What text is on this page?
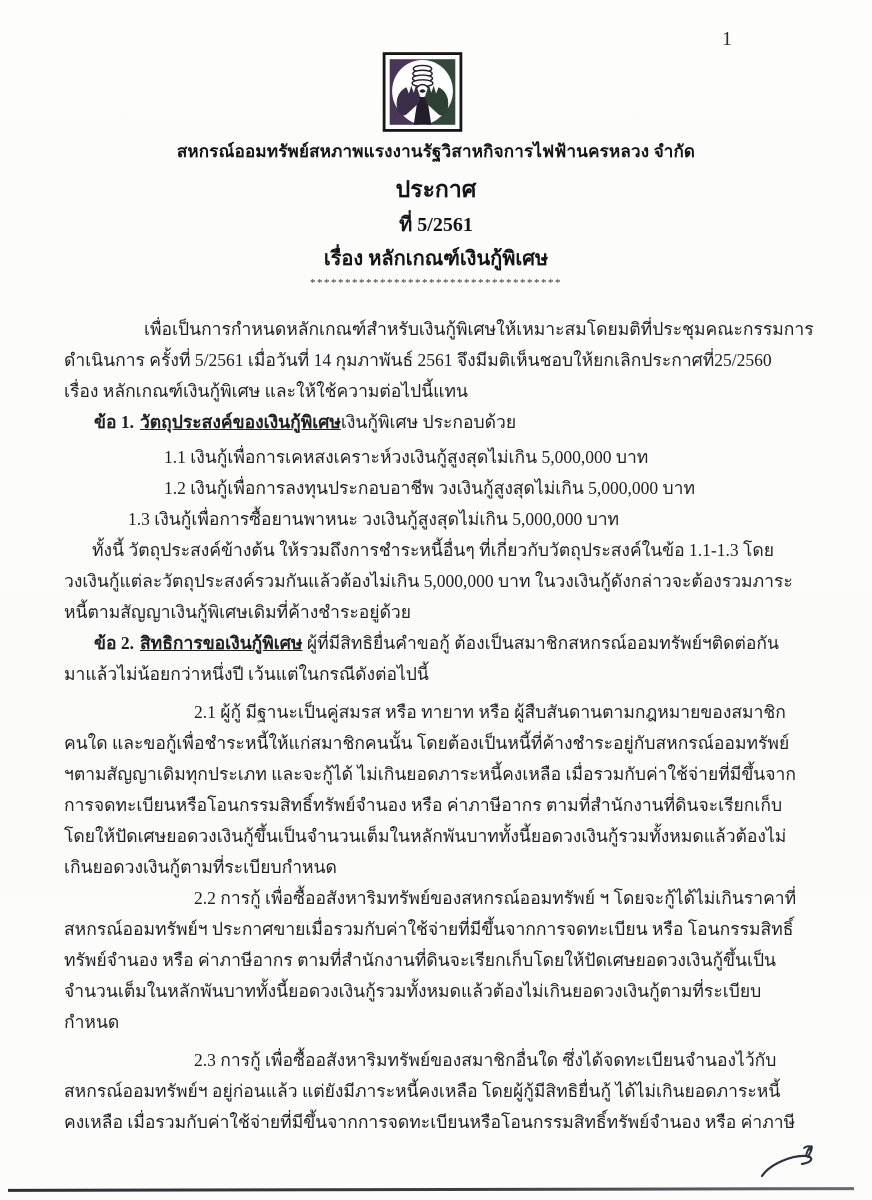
1
สหกรณ์ออมทรัพย์สหภาพแรงงานรัฐวิสาหกิจการไฟฟ้านครหลวง จำกัด
ประกาศ
ที่ 5/2561
เรื่อง หลักเกณฑ์เงินกู้พิเศษ
************************************
เพื่อเป็นการกำหนดหลักเกณฑ์สำหรับเงินกู้พิเศษให้เหมาะสมโดยมติที่ประชุมคณะกรรมการ
ดำเนินการ ครั้งที่ 5/2561 เมื่อวันที่ 14 กุมภาพันธ์ 2561 จึงมีมติเห็นชอบให้ยกเลิกประกาศที่25/2560
เรื่อง หลักเกณฑ์เงินกู้พิเศษ และให้ใช้ความต่อไปนี้แทน
ข้อ 1. วัตถุประสงค์ของเงินกู้พิเศษเงินกู้พิเศษ ประกอบด้วย
1.1 เงินกู้เพื่อการเคหสงเคราะห์วงเงินกู้สูงสุดไม่เกิน 5,000,000 บาท
1.2 เงินกู้เพื่อการลงทุนประกอบอาชีพ วงเงินกู้สูงสุดไม่เกิน 5,000,000 บาท
1.3 เงินกู้เพื่อการซื้อยานพาหนะ วงเงินกู้สูงสุดไม่เกิน 5,000,000 บาท
ทั้งนี้ วัตถุประสงค์ข้างต้น ให้รวมถึงการชำระหนี้อื่นๆ ที่เกี่ยวกับวัตถุประสงค์ในข้อ 1.1-1.3 โดย
วงเงินกู้แต่ละวัตถุประสงค์รวมกันแล้วต้องไม่เกิน 5,000,000 บาท ในวงเงินกู้ดังกล่าวจะต้องรวมภาระ
หนี้ตามสัญญาเงินกู้พิเศษเดิมที่ค้างชำระอยู่ด้วย
ข้อ 2. สิทธิการขอเงินกู้พิเศษ ผู้ที่มีสิทธิยื่นคำขอกู้ ต้องเป็นสมาชิกสหกรณ์ออมทรัพย์ฯติดต่อกัน
มาแล้วไม่น้อยกว่าหนึ่งปี เว้นแต่ในกรณีดังต่อไปนี้
2.1 ผู้กู้ มีฐานะเป็นคู่สมรส หรือ ทายาท หรือ ผู้สืบสันดานตามกฎหมายของสมาชิก
คนใด และขอกู้เพื่อชำระหนี้ให้แก่สมาชิกคนนั้น โดยต้องเป็นหนี้ที่ค้างชำระอยู่กับสหกรณ์ออมทรัพย์
ฯตามสัญญาเดิมทุกประเภท และจะกู้ได้ ไม่เกินยอดภาระหนี้คงเหลือ เมื่อรวมกับค่าใช้จ่ายที่มีขึ้นจาก
การจดทะเบียนหรือโอนกรรมสิทธิ์ทรัพย์จำนอง หรือ ค่าภาษีอากร ตามที่สำนักงานที่ดินจะเรียกเก็บ
โดยให้ปัดเศษยอดวงเงินกู้ขึ้นเป็นจำนวนเต็มในหลักพันบาททั้งนี้ยอดวงเงินกู้รวมทั้งหมดแล้วต้องไม่
เกินยอดวงเงินกู้ตามที่ระเบียบกำหนด
2.2 การกู้ เพื่อซื้ออสังหาริมทรัพย์ของสหกรณ์ออมทรัพย์ ฯ โดยจะกู้ได้ไม่เกินราคาที่
สหกรณ์ออมทรัพย์ฯ ประกาศขายเมื่อรวมกับค่าใช้จ่ายที่มีขึ้นจากการจดทะเบียน หรือ โอนกรรมสิทธิ์
ทรัพย์จำนอง หรือ ค่าภาษีอากร ตามที่สำนักงานที่ดินจะเรียกเก็บโดยให้ปัดเศษยอดวงเงินกู้ขึ้นเป็น
จำนวนเต็มในหลักพันบาททั้งนี้ยอดวงเงินกู้รวมทั้งหมดแล้วต้องไม่เกินยอดวงเงินกู้ตามที่ระเบียบ
กำหนด
2.3 การกู้ เพื่อซื้ออสังหาริมทรัพย์ของสมาชิกอื่นใด ซึ่งได้จดทะเบียนจำนองไว้กับ
สหกรณ์ออมทรัพย์ฯ อยู่ก่อนแล้ว แต่ยังมีภาระหนี้คงเหลือ โดยผู้กู้มีสิทธิยื่นกู้ ได้ไม่เกินยอดภาระหนี้
คงเหลือ เมื่อรวมกับค่าใช้จ่ายที่มีขึ้นจากการจดทะเบียนหรือโอนกรรมสิทธิ์ทรัพย์จำนอง หรือ ค่าภาษี
